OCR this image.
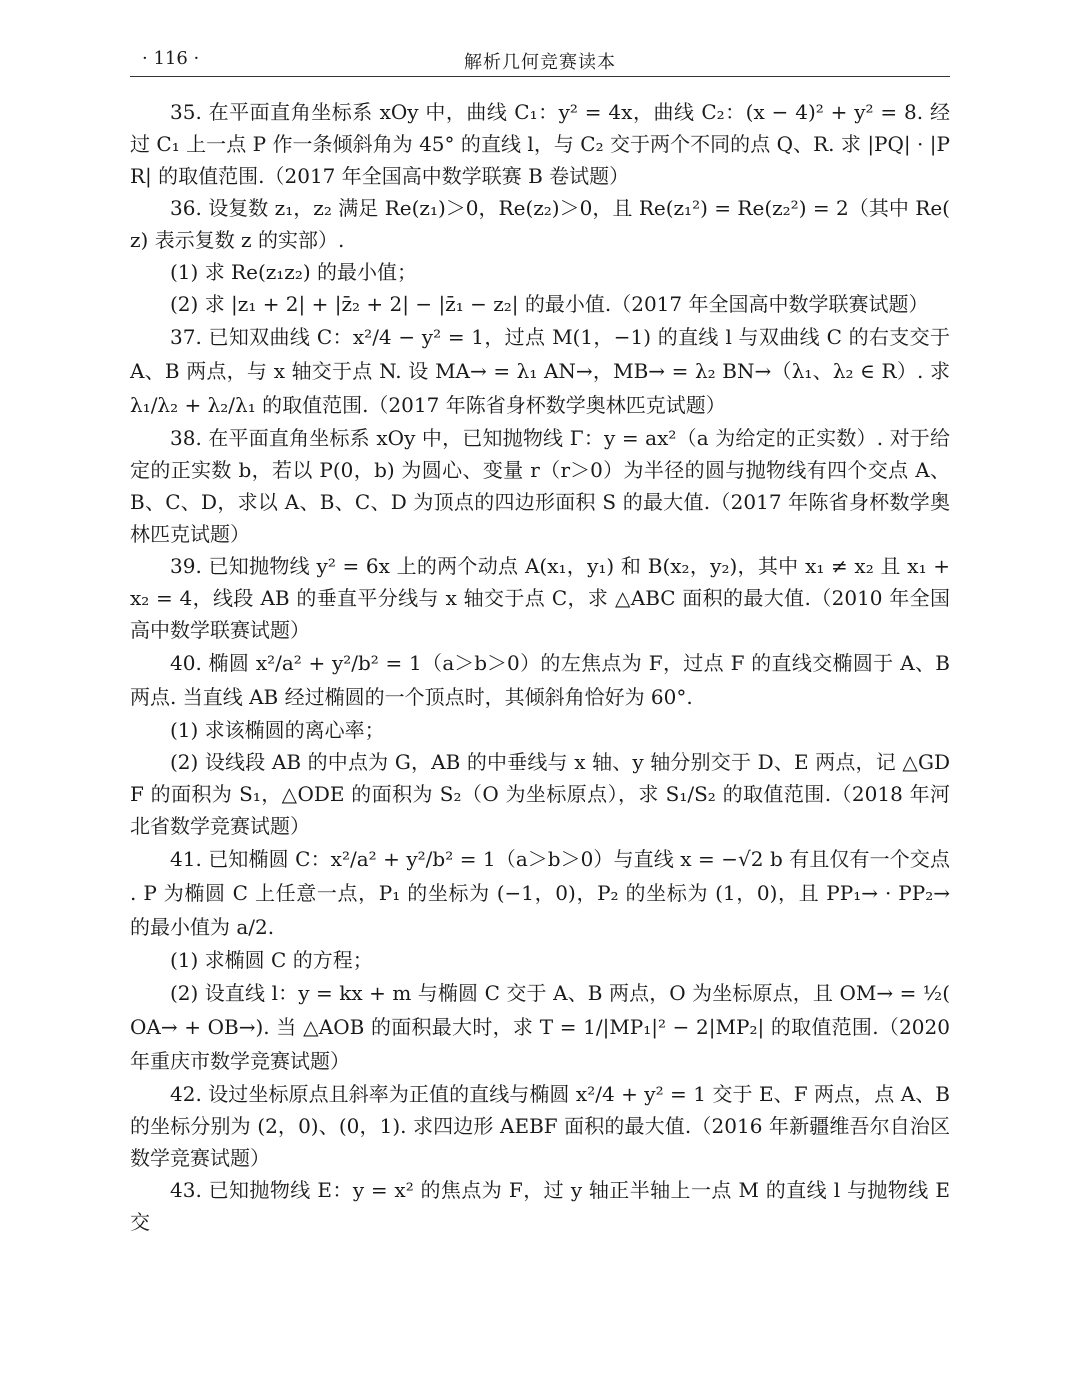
· 116 ·	解析几何竞赛读本

35. 在平面直角坐标系 xOy 中，曲线 C₁：y² = 4x，曲线 C₂：(x − 4)² + y² = 8. 经过 C₁ 上一点 P 作一条倾斜角为 45° 的直线 l，与 C₂ 交于两个不同的点 Q、R. 求 |PQ| · |PR| 的取值范围.（2017 年全国高中数学联赛 B 卷试题）

36. 设复数 z₁，z₂ 满足 Re(z₁)＞0，Re(z₂)＞0，且 Re(z₁²) = Re(z₂²) = 2（其中 Re(z) 表示复数 z 的实部）.

(1) 求 Re(z₁z₂) 的最小值；

(2) 求 |z₁ + 2| + |z̄₂ + 2| − |z̄₁ − z₂| 的最小值.（2017 年全国高中数学联赛试题）

37. 已知双曲线 C：x²/4 − y² = 1，过点 M(1，−1) 的直线 l 与双曲线 C 的右支交于 A、B 两点，与 x 轴交于点 N. 设 MA→ = λ₁ AN→，MB→ = λ₂ BN→（λ₁、λ₂ ∈ R）. 求 λ₁/λ₂ + λ₂/λ₁ 的取值范围.（2017 年陈省身杯数学奥林匹克试题）

38. 在平面直角坐标系 xOy 中，已知抛物线 Γ：y = ax²（a 为给定的正实数）. 对于给定的正实数 b，若以 P(0，b) 为圆心、变量 r（r＞0）为半径的圆与抛物线有四个交点 A、B、C、D，求以 A、B、C、D 为顶点的四边形面积 S 的最大值.（2017 年陈省身杯数学奥林匹克试题）

39. 已知抛物线 y² = 6x 上的两个动点 A(x₁，y₁) 和 B(x₂，y₂)，其中 x₁ ≠ x₂ 且 x₁ + x₂ = 4，线段 AB 的垂直平分线与 x 轴交于点 C，求 △ABC 面积的最大值.（2010 年全国高中数学联赛试题）

40. 椭圆 x²/a² + y²/b² = 1（a＞b＞0）的左焦点为 F，过点 F 的直线交椭圆于 A、B 两点. 当直线 AB 经过椭圆的一个顶点时，其倾斜角恰好为 60°.

(1) 求该椭圆的离心率；

(2) 设线段 AB 的中点为 G，AB 的中垂线与 x 轴、y 轴分别交于 D、E 两点，记 △GDF 的面积为 S₁，△ODE 的面积为 S₂（O 为坐标原点），求 S₁/S₂ 的取值范围.（2018 年河北省数学竞赛试题）

41. 已知椭圆 C：x²/a² + y²/b² = 1（a＞b＞0）与直线 x = −√2 b 有且仅有一个交点. P 为椭圆 C 上任意一点，P₁ 的坐标为 (−1，0)，P₂ 的坐标为 (1，0)，且 PP₁→ · PP₂→ 的最小值为 a/2.

(1) 求椭圆 C 的方程；

(2) 设直线 l：y = kx + m 与椭圆 C 交于 A、B 两点，O 为坐标原点，且 OM→ = ½(OA→ + OB→). 当 △AOB 的面积最大时，求 T = 1/|MP₁|² − 2|MP₂| 的取值范围.（2020 年重庆市数学竞赛试题）

42. 设过坐标原点且斜率为正值的直线与椭圆 x²/4 + y² = 1 交于 E、F 两点，点 A、B 的坐标分别为 (2，0)、(0，1). 求四边形 AEBF 面积的最大值.（2016 年新疆维吾尔自治区数学竞赛试题）

43. 已知抛物线 E：y = x² 的焦点为 F，过 y 轴正半轴上一点 M 的直线 l 与抛物线 E 交
